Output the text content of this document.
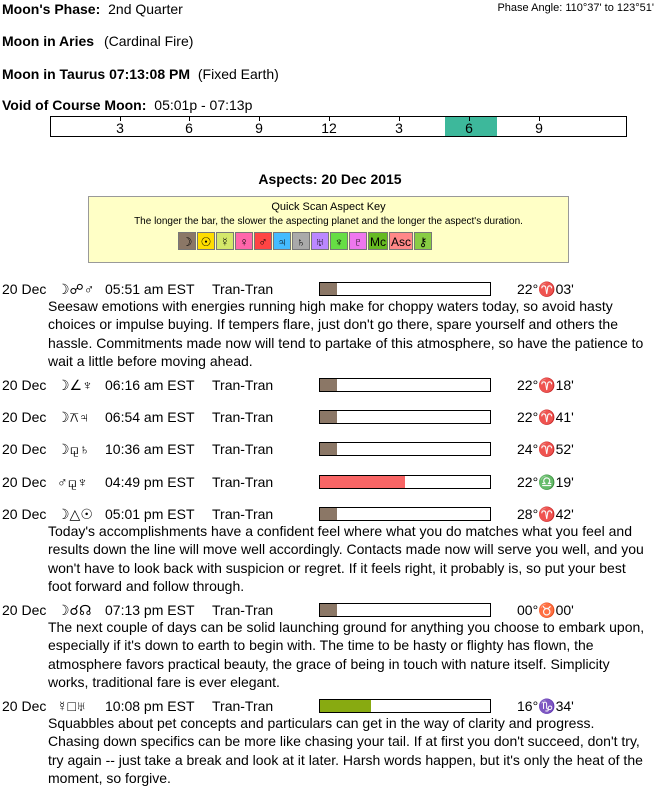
Moon's Phase: 2nd Quarter	Phase Angle: 110°37' to 123°51'
Moon in Aries (Cardinal Fire)
Moon in Taurus 07:13:08 PM (Fixed Earth)
Void of Course Moon: 05:01p - 07:13p
3	6	9	12	3	6	9
Aspects: 20 Dec 2015
Quick Scan Aspect Key
The longer the bar, the slower the aspecting planet and the longer the aspect's duration.
☽ ☉ ☿ ♀ ♂ ♃ ♄ ♅ ♆ ♇ Mc Asc ⚷
20 Dec ☽☍♂ 05:51 am EST Tran-Tran	22°♈03'
Seesaw emotions with energies running high make for choppy waters today, so avoid hasty choices or impulse buying. If tempers flare, just don't go there, spare yourself and others the hassle. Commitments made now will tend to partake of this atmosphere, so have the patience to wait a little before moving ahead.
20 Dec ☽∠♆ 06:16 am EST Tran-Tran	22°♈18'
20 Dec ☽⚻♃ 06:54 am EST Tran-Tran	22°♈41'
20 Dec ☽⚼♄ 10:36 am EST Tran-Tran	24°♈52'
20 Dec ♂⚼♆ 04:49 pm EST Tran-Tran	22°♎19'
20 Dec ☽△☉ 05:01 pm EST Tran-Tran	28°♈42'
Today's accomplishments have a confident feel where what you do matches what you feel and results down the line will move well accordingly. Contacts made now will serve you well, and you won't have to look back with suspicion or regret. If it feels right, it probably is, so put your best foot forward and follow through.
20 Dec ☽☌☊ 07:13 pm EST Tran-Tran	00°♉00'
The next couple of days can be solid launching ground for anything you choose to embark upon, especially if it's down to earth to begin with. The time to be hasty or flighty has flown, the atmosphere favors practical beauty, the grace of being in touch with nature itself. Simplicity works, traditional fare is ever elegant.
20 Dec ☿□♅ 10:08 pm EST Tran-Tran	16°♑34'
Squabbles about pet concepts and particulars can get in the way of clarity and progress. Chasing down specifics can be more like chasing your tail. If at first you don't succeed, don't try, try again -- just take a break and look at it later. Harsh words happen, but it's only the heat of the moment, so forgive.
